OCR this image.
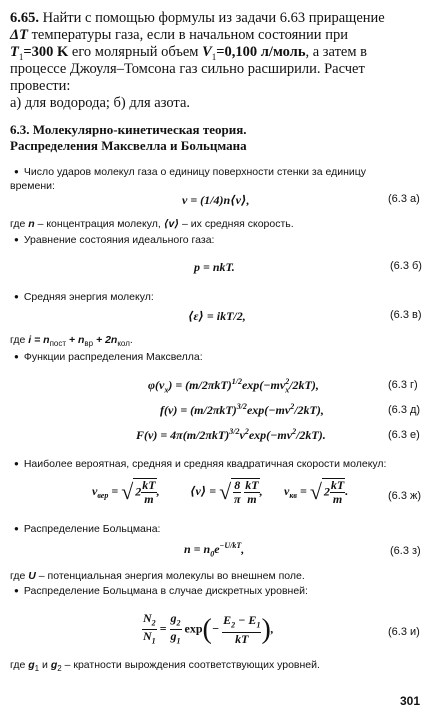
6.65. Найти с помощью формулы из задачи 6.63 приращение
ΔT температуры газа, если в начальном состоянии при
$T_1=300$ K его молярный объем $V_1=0,100$ л/моль, а затем в
процессе Джоуля–Томсона газ сильно расширили. Расчет
провести:
а) для водорода; б) для азота.
6.3. Молекулярно-кинетическая теория.
Распределения Максвелла и Больцмана
● Число ударов молекул газа о единицу поверхности стенки за единицу
времени:
ν = (1/4)n⟨v⟩,	(6.3 а)
где n – концентрация молекул, ⟨v⟩ – их средняя скорость.
● Уравнение состояния идеального газа:
p = nkT.	(6.3 б)
● Средняя энергия молекул:
⟨ε⟩ = ikT/2,	(6.3 в)
где $i = n_{пост} + n_{вр} + 2n_{кол}$.
● Функции распределения Максвелла:
$\varphi(v_x) = (m/2\pi kT)^{1/2}\exp(-mv_x^2/2kT)$,	(6.3 г)
$f(v) = (m/2\pi kT)^{3/2}\exp(-mv^2/2kT)$,	(6.3 д)
$F(v) = 4\pi(m/2\pi kT)^{3/2}v^2\exp(-mv^2/2kT)$.	(6.3 е)
● Наиболее вероятная, средняя и средняя квадратичная скорости молекул:
$v_{вер}$ = √ $2 \frac{kT}{m}$ ,	⟨v⟩ = √ $\frac{8}{\pi}$
$\frac{kT}{m}$ , $v_{кв}$ = √ $2 \frac{kT}{m}$ .	(6.3 ж)
● Распределение Больцмана:
$n = n_0e^{-U/kT}$,	(6.3 з)
где U – потенциальная энергия молекулы во внешнем поле.
● Распределение Больцмана в случае дискретных уровней:
$\frac{N_2}{N_1} = \frac{g_2}{g_1} \exp(- \frac{E_2 - E_1}{kT}$ ),	(6.3 и)
где $g_1$ и $g_2$ – кратности вырождения соответствующих уровней.
301
